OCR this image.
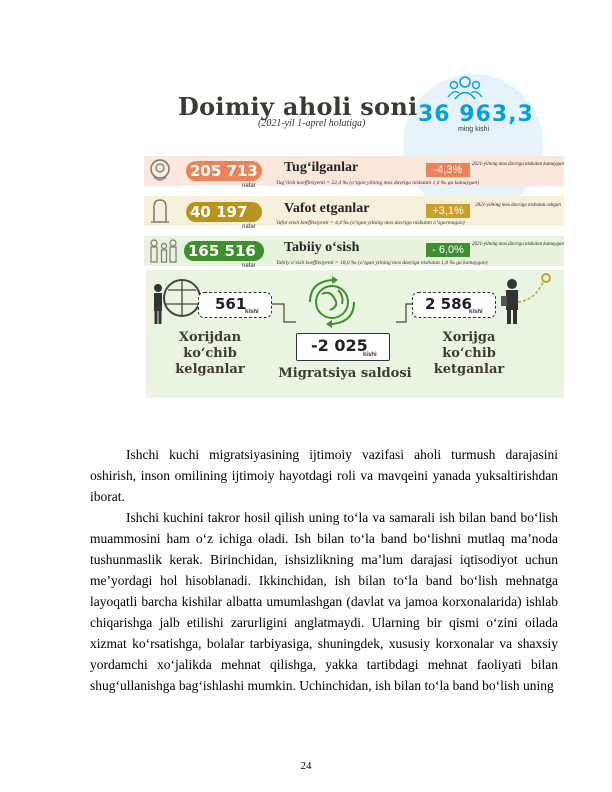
36 963,3
ming kishi
Doimiy aholi soni
(2021-yil 1-aprel holatiga)
205 713
nafar
Tug‘ilganlar	-4,3%	2021-yilning mos davriga nisbatan kamaygan
Tug‘ilish koeffitsiyenti = 22,4 ‰ (o‘tgan yilning mos davriga nisbatan 1,6 ‰ ga kamaygan)
40 197
nafar
Vafot etganlar	+3,1%	2021-yilning mos davriga nisbatan oshgan
Vafot etish koeffitsiyenti = 4,4 ‰ (o‘tgan yilning mos davriga nisbatan o‘zgarmagan)
165 516
nafar
Tabiiy o‘sish	- 6,0%	2021-yilning mos davriga nisbatan kamaygan
Tabiiy o‘sish koeffitsiyenti = 18,0 ‰ (o‘tgan yilning mos davriga nisbatan 1,8 ‰ ga kamaygan)
561
kishi
Xorijdan ko‘chib kelganlar
-2 025
kishi
Migratsiya saldosi
2 586
kishi
Xorijga ko‘chib ketganlar

Ishchi kuchi migratsiyasining ijtimoiy vazifasi aholi turmush darajasini oshirish, inson omilining ijtimoiy hayotdagi roli va mavqeini yanada yuksaltirishdan iborat.

Ishchi kuchini takror hosil qilish uning to‘la va samarali ish bilan band bo‘lish muammosini ham o‘z ichiga oladi. Ish bilan to‘la band bo‘lishni mutlaq ma’noda tushunmaslik kerak. Birinchidan, ishsizlikning ma’lum darajasi iqtisodiyot uchun me’yordagi hol hisoblanadi. Ikkinchidan, ish bilan to‘la band bo‘lish mehnatga layoqatli barcha kishilar albatta umumlashgan (davlat va jamoa korxonalarida) ishlab chiqarishga jalb etilishi zarurligini anglatmaydi. Ularning bir qismi o‘zini oilada xizmat ko‘rsatishga, bolalar tarbiyasiga, shuningdek, xususiy korxonalar va shaxsiy yordamchi xo‘jalikda mehnat qilishga, yakka tartibdagi mehnat faoliyati bilan shug‘ullanishga bag‘ishlashi mumkin. Uchinchidan, ish bilan to‘la band bo‘lish uning

24
